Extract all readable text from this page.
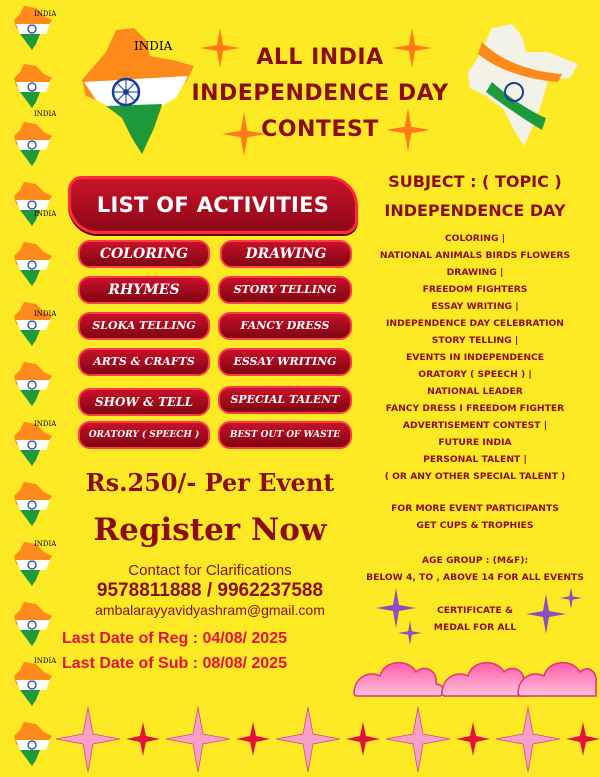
INDIA
INDIA
INDIA
INDIA
INDIA
INDIA
INDIA
INDIA	ALL INDIA
INDEPENDENCE DAY
CONTEST
LIST OF ACTIVITIES
COLORING	DRAWING
RHYMES	STORY TELLING
SLOKA TELLING	FANCY DRESS
ARTS & CRAFTS	ESSAY WRITING
SHOW & TELL	SPECIAL TALENT
ORATORY ( SPEECH )	BEST OUT OF WASTE
Rs.250/- Per Event
Register Now
Contact for Clarifications
9578811888 / 9962237588
ambalarayyavidyashram@gmail.com
Last Date of Reg : 04/08/ 2025
Last Date of Sub : 08/08/ 2025
SUBJECT : ( TOPIC )
INDEPENDENCE DAY
COLORING |
NATIONAL ANIMALS BIRDS FLOWERS
DRAWING |
FREEDOM FIGHTERS
ESSAY WRITING |
INDEPENDENCE DAY CELEBRATION
STORY TELLING |
EVENTS IN INDEPENDENCE
ORATORY ( SPEECH ) |
NATIONAL LEADER
FANCY DRESS I FREEDOM FIGHTER
ADVERTISEMENT CONTEST |
FUTURE INDIA
PERSONAL TALENT |
( OR ANY OTHER SPECIAL TALENT )
FOR MORE EVENT PARTICIPANTS
GET CUPS & TROPHIES
AGE GROUP : (M&F):
BELOW 4, TO , ABOVE 14 FOR ALL EVENTS
CERTIFICATE &
MEDAL FOR ALL
